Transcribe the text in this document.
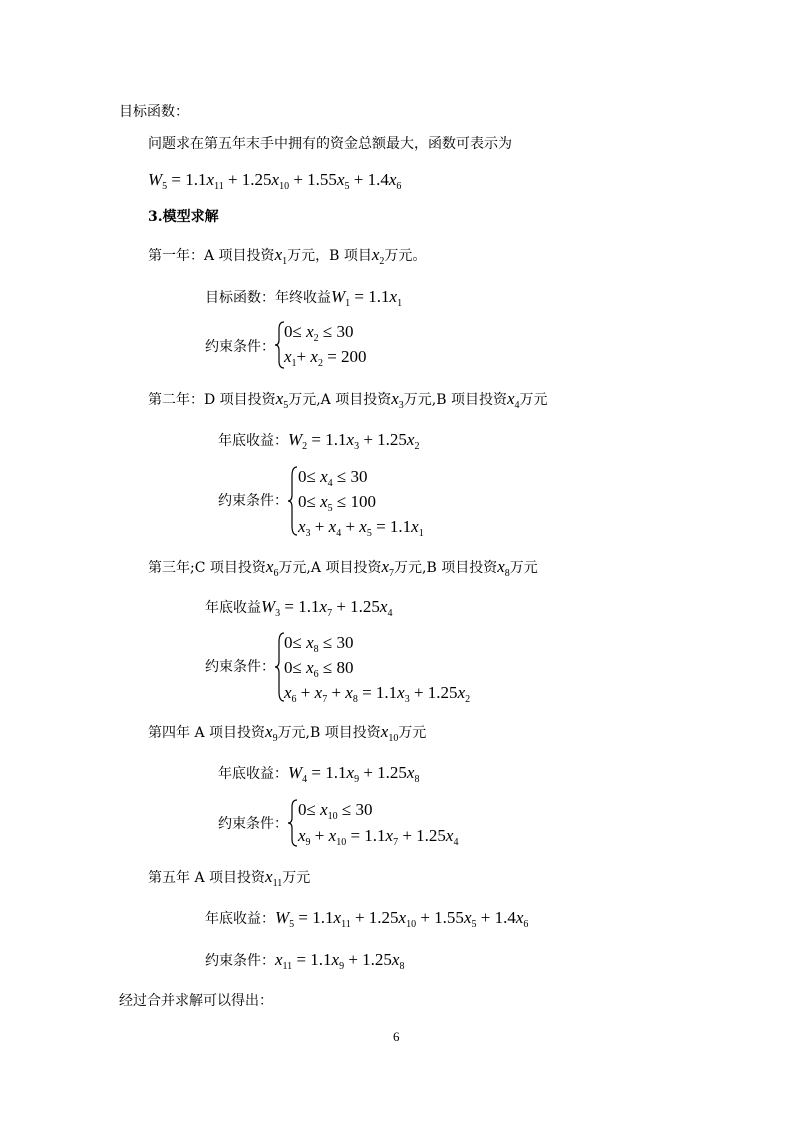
目标函数：
问题求在第五年末手中拥有的资金总额最大，函数可表示为
$W_5 = 1.1x_{11} + 1.25x_{10} + 1.55x_5 + 1.4x_6$
3.模型求解
第一年：A 项目投资$x_1$万元，B 项目$x_2$万元。
目标函数：年终收益$W_1 = 1.1x_1$
约束条件：
$0\le x_2 \le 30$
$x_1+ x_2 = 200$
第二年：D 项目投资$x_5$万元,A 项目投资$x_3$万元,B 项目投资$x_4$万元
年底收益：$W_2 = 1.1x_3 + 1.25x_2$
约束条件：
$0\le x_4 \le 30$
$0\le x_5 \le 100$
$x_3 + x_4 + x_5 = 1.1x_1$
第三年;C 项目投资$x_6$万元,A 项目投资$x_7$万元,B 项目投资$x_8$万元
年底收益$W_3 = 1.1x_7 + 1.25x_4$
约束条件：
$0\le x_8 \le 30$
$0\le x_6 \le 80$
$x_6 + x_7 + x_8 = 1.1x_3 + 1.25x_2$
第四年 A 项目投资$x_9$万元,B 项目投资$x_{10}$万元
年底收益：$W_4 = 1.1x_9 + 1.25x_8$
约束条件：
$0\le x_{10} \le 30$
$x_9 + x_{10} = 1.1x_7 + 1.25x_4$
第五年 A 项目投资$x_{11}$万元
年底收益：$W_5 = 1.1x_{11} + 1.25x_{10} + 1.55x_5 + 1.4x_6$
约束条件：$x_{11} = 1.1x_9 + 1.25x_8$
经过合并求解可以得出：
6
